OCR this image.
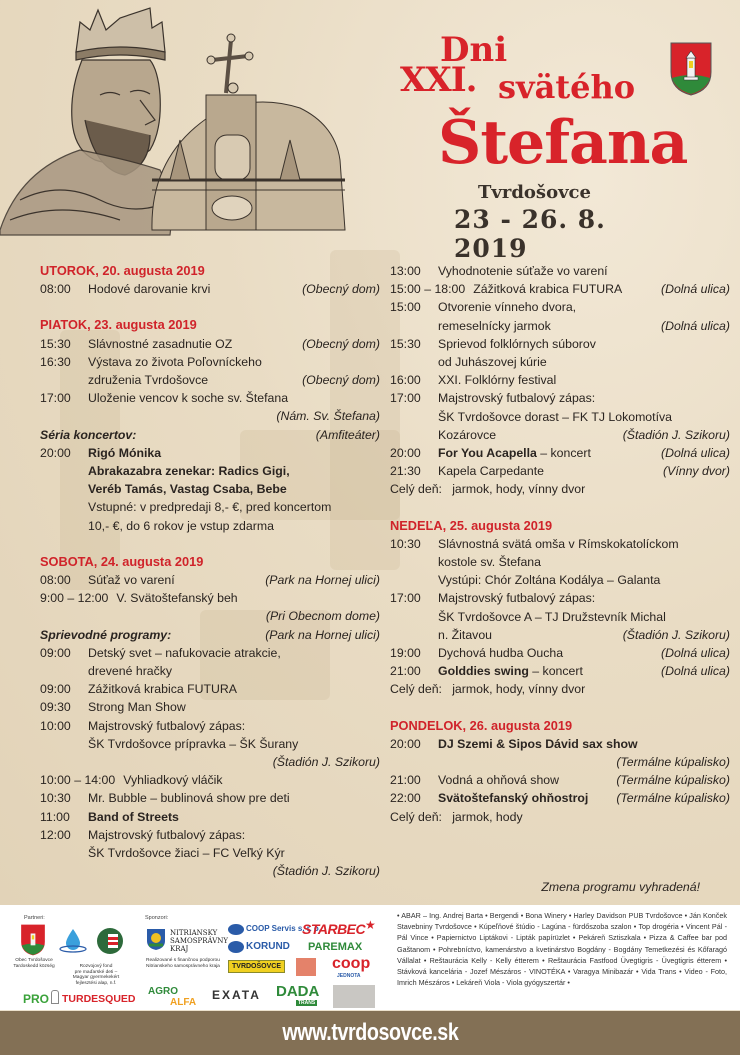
XXI.
Dni
svätého
Štefana
Tvrdošovce
23 - 26. 8. 2019
UTOROK, 20. augusta 2019
08:00	Hodové darovanie krvi	(Obecný dom)
PIATOK, 23. augusta 2019
15:30	Slávnostné zasadnutie OZ	(Obecný dom)
16:30	Výstava zo života Poľovníckeho
združenia Tvrdošovce	(Obecný dom)
17:00	Uloženie vencov k soche sv. Štefana
(Nám. Sv. Štefana)
Séria koncertov:	(Amfiteáter)
20:00	Rigó Mónika
Abrakazabra zenekar: Radics Gigi,
Veréb Tamás, Vastag Csaba, Bebe
Vstupné: v predpredaji 8,- €, pred koncertom
10,- €, do 6 rokov je vstup zdarma
SOBOTA, 24. augusta 2019
08:00	Súťaž vo varení	(Park na Hornej ulici)
9:00 – 12:00 V. Svätoštefanský beh
(Pri Obecnom dome)
Sprievodné programy:	(Park na Hornej ulici)
09:00	Detský svet – nafukovacie atrakcie,
drevené hračky
09:00	Zážitková krabica FUTURA
09:30	Strong Man Show
10:00	Majstrovský futbalový zápas:
ŠK Tvrdošovce prípravka – ŠK Šurany
(Štadión J. Szikoru)
10:00 – 14:00 Vyhliadkový vláčik
10:30	Mr. Bubble – bublinová show pre deti
11:00	Band of Streets
12:00	Majstrovský futbalový zápas:
ŠK Tvrdošovce žiaci – FC Veľký Kýr
(Štadión J. Szikoru)
13:00	Vyhodnotenie súťaže vo varení
15:00 – 18:00 Zážitková krabica FUTURA	(Dolná ulica)
15:00	Otvorenie vínneho dvora,
remeselnícky jarmok	(Dolná ulica)
15:30	Sprievod folklórnych súborov
od Juhászovej kúrie
16:00	XXI. Folklórny festival
17:00	Majstrovský futbalový zápas:
ŠK Tvrdošovce dorast – FK TJ Lokomotíva
Kozárovce	(Štadión J. Szikoru)
20:00	For You Acapella – koncert	(Dolná ulica)
21:30	Kapela Carpedante	(Vínny dvor)
Celý deň:   jarmok, hody, vínny dvor
NEDEĽA, 25. augusta 2019
10:30	Slávnostná svätá omša v Rímskokatolíckom
kostole sv. Štefana
Vystúpi: Chór Zoltána Kodálya – Galanta
17:00	Majstrovský futbalový zápas:
ŠK Tvrdošovce A – TJ Družstevník Michal
n. Žitavou	(Štadión J. Szikoru)
19:00	Dychová hudba Oucha	(Dolná ulica)
21:00	Golddies swing – koncert	(Dolná ulica)
Celý deň:   jarmok, hody, vínny dvor
PONDELOK, 26. augusta 2019
20:00	DJ Szemi & Sipos Dávid sax show
(Termálne kúpalisko)
21:00	Vodná a ohňová show	(Termálne kúpalisko)
22:00	Svätoštefanský ohňostroj (Termálne kúpalisko)
Celý deň:   jarmok, hody
Zmena programu vyhradená!
Partneri:
Obec Tvrdošovce
Tardoskedd község	Rozvojový fond
pre maďarské deti –
Magyar gyermekekért
fejlesztési alap, n.f.
PRO TURDESQUED
Sponzori:
NITRIANSKY
SAMOSPRÁVNY
KRAJ
Realizované s finančnou podporou
Nitrianskeho samosprávneho kraja
COOP Servis s. r. o.
STARBEC ★
KORUND PAREMAX
TVRDOŠOVCE	coop
JEDNOTA
AGRO
ALFA
EXATA DADA
TRANS
• ABAR – Ing. Andrej Barta • Bergendi • Bona Winery • Harley Davidson PUB Tvrdošovce • Ján Konček Stavebniny Tvrdošovce • Kúpeľňové štúdio - Lagúna - fürdőszoba szalon • Top drogéria • Vincent Pál - Pál Vince • Papiernictvo Liptákovi - Lipták papírüzlet • Pekáreň Sztiszkala • Pizza & Caffee bar pod Gaštanom • Pohrebníctvo, kamenárstvo a kvetinárstvo Bogdány - Bogdány Temetkezési és Kőfaragó Vállalat • Reštaurácia Kelly - Kelly étterem • Reštaurácia Fastfood Üvegtigris - Üvegtigris étterem • Stávková kancelária - Jozef Mészáros - VINOTÉKA • Varagya Minibazár • Vida Trans • Video - Foto, Imrich Mészáros • Lekáreň Viola - Viola gyógyszertár •
www.tvrdosovce.sk
